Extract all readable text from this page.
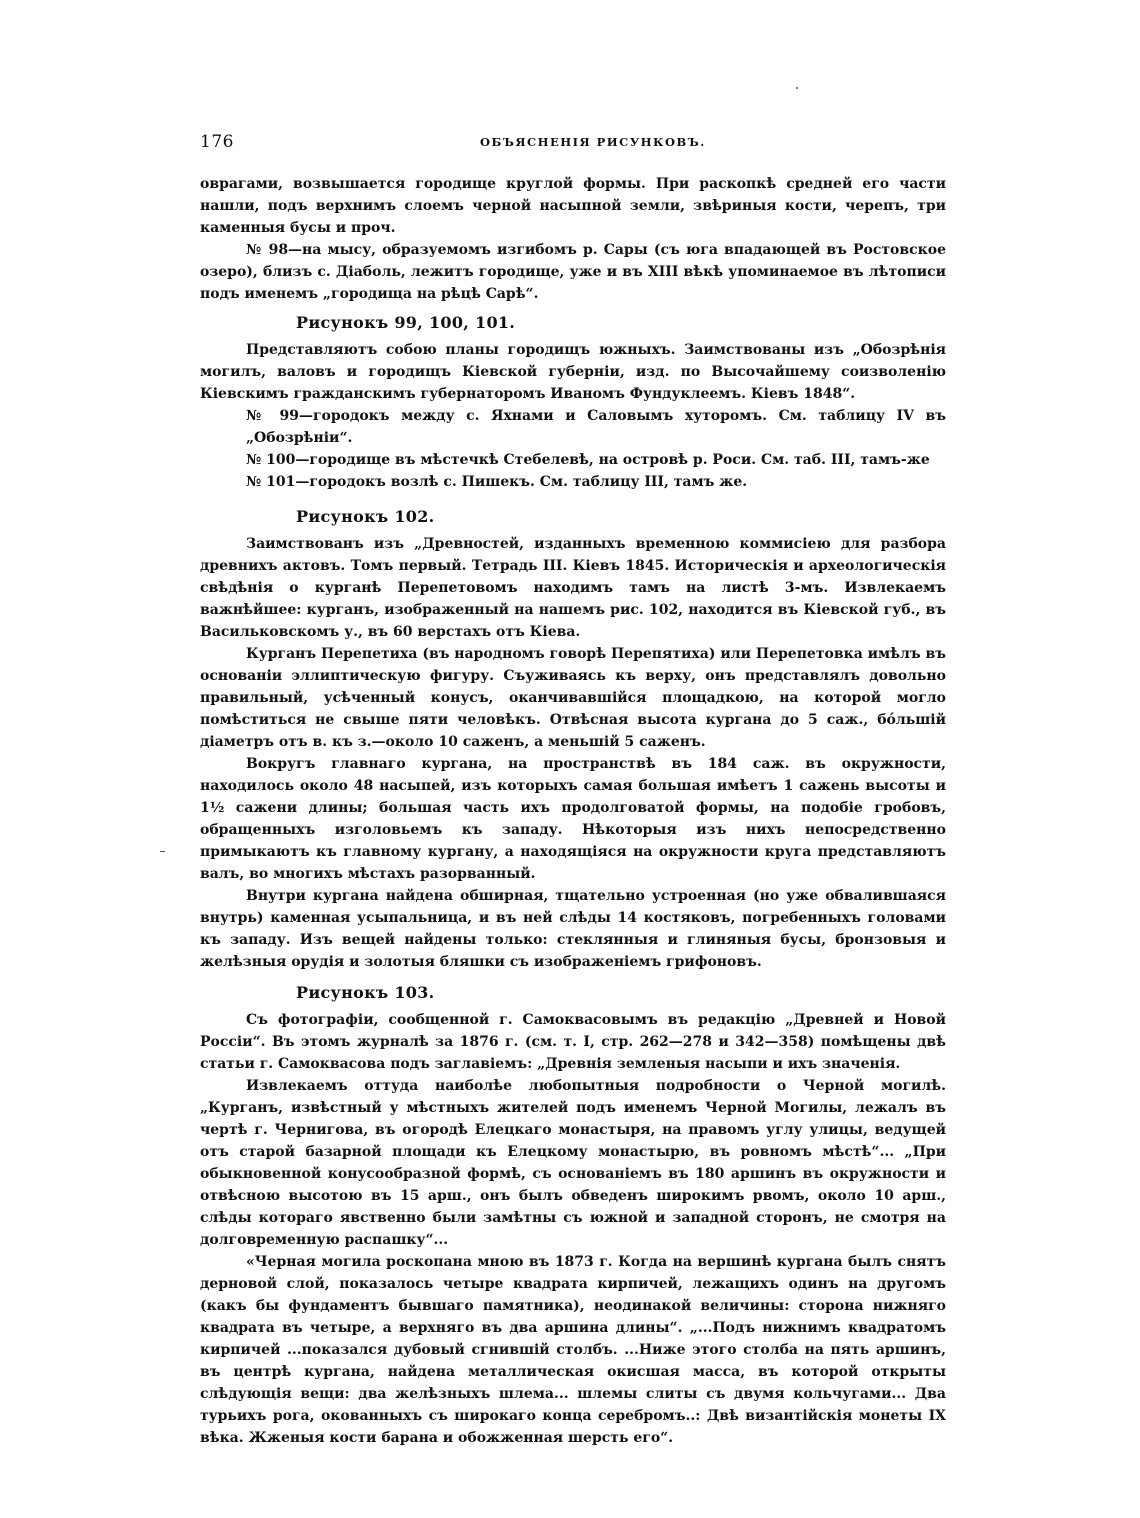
176	ОБЪЯСНЕНІЯ РИСУНКОВЪ.

оврагами, возвышается городище круглой формы. При раскопкѣ средней его части нашли, подъ верхнимъ слоемъ черной насыпной земли, звѣриныя кости, черепъ, три каменныя бусы и проч.

№ 98—на мысу, образуемомъ изгибомъ р. Сары (съ юга впадающей въ Ростовское озеро), близъ с. Діаболь, лежитъ городище, уже и въ XIII вѣкѣ упоминаемое въ лѣтописи подъ именемъ „городища на рѣцѣ Сарѣ“.

Рисунокъ 99, 100, 101.

Представляютъ собою планы городищъ южныхъ. Заимствованы изъ „Обозрѣнія могилъ, валовъ и городищъ Кіевской губерніи, изд. по Высочайшему соизволенію Кіевскимъ гражданскимъ губернаторомъ Иваномъ Фундуклеемъ. Кіевъ 1848“.

№ 99—городокъ между с. Яхнами и Саловымъ хуторомъ. См. таблицу IV въ „Обозрѣніи“.

№ 100—городище въ мѣстечкѣ Стебелевѣ, на островѣ р. Роси. См. таб. III, тамъ-же

№ 101—городокъ возлѣ с. Пишекъ. См. таблицу III, тамъ же.

Рисунокъ 102.

Заимствованъ изъ „Древностей, изданныхъ временною коммисіею для разбора древнихъ актовъ. Томъ первый. Тетрадь III. Кіевъ 1845. Историческія и археологическія свѣдѣнія о курганѣ Перепетовомъ находимъ тамъ на листѣ 3-мъ. Извлекаемъ важнѣйшее: курганъ, изображенный на нашемъ рис. 102, находится въ Кіевской губ., въ Васильковскомъ у., въ 60 верстахъ отъ Кіева.

Курганъ Перепетиха (въ народномъ говорѣ Перепятиха) или Перепетовка имѣлъ въ основаніи эллиптическую фигуру. Съуживаясь къ верху, онъ представлялъ довольно правильный, усѣченный конусъ, оканчивавшійся площадкою, на которой могло помѣститься не свыше пяти человѣкъ. Отвѣсная высота кургана до 5 саж., бóльшій діаметръ отъ в. къ з.—около 10 саженъ, а меньшій 5 саженъ.

Вокругъ главнаго кургана, на пространствѣ въ 184 саж. въ окружности, находилось около 48 насыпей, изъ которыхъ самая большая имѣетъ 1 сажень высоты и 1½ сажени длины; большая часть ихъ продолговатой формы, на подобіе гробовъ, обращенныхъ изголовьемъ къ западу. Нѣкоторыя изъ нихъ непосредственно примыкаютъ къ главному кургану, а находящіяся на окружности круга представляютъ валъ, во многихъ мѣстахъ разорванный.

Внутри кургана найдена обширная, тщательно устроенная (но уже обвалившаяся внутрь) каменная усыпальница, и въ ней слѣды 14 костяковъ, погребенныхъ головами къ западу. Изъ вещей найдены только: стеклянныя и глиняныя бусы, бронзовыя и желѣзныя орудія и золотыя бляшки съ изображеніемъ грифоновъ.

Рисунокъ 103.

Съ фотографіи, сообщенной г. Самоквасовымъ въ редакцію „Древней и Новой Россіи“. Въ этомъ журналѣ за 1876 г. (см. т. I, стр. 262—278 и 342—358) помѣщены двѣ статьи г. Самоквасова подъ заглавіемъ: „Древнія земленыя насыпи и ихъ значенія.

Извлекаемъ оттуда наиболѣе любопытныя подробности о Черной могилѣ. „Курганъ, извѣстный у мѣстныхъ жителей подъ именемъ Черной Могилы, лежалъ въ чертѣ г. Чернигова, въ огородѣ Елецкаго монастыря, на правомъ углу улицы, ведущей отъ старой базарной площади къ Елецкому монастырю, въ ровномъ мѣстѣ“... „При обыкновенной конусообразной формѣ, съ основаніемъ въ 180 аршинъ въ окружности и отвѣсною высотою въ 15 арш., онъ былъ обведенъ широкимъ рвомъ, около 10 арш., слѣды котораго явственно были замѣтны съ южной и западной сторонъ, не смотря на долговременную распашку“...

«Черная могила роскопана мною въ 1873 г. Когда на вершинѣ кургана былъ снятъ дерновой слой, показалось четыре квадрата кирпичей, лежащихъ одинъ на другомъ (какъ бы фундаментъ бывшаго памятника), неодинакой величины: сторона нижняго квадрата въ четыре, а верхняго въ два аршина длины“. „...Подъ нижнимъ квадратомъ кирпичей ...показался дубовый сгнившій столбъ. ...Ниже этого столба на пять аршинъ, въ центрѣ кургана, найдена металлическая окисшая масса, въ которой открыты слѣдующія вещи: два желѣзныхъ шлема... шлемы слиты съ двумя кольчугами... Два турьихъ рога, окованныхъ съ широкаго конца серебромъ..: Двѣ византійскія монеты IX вѣка. Жженыя кости барана и обожженная шерсть его“.
